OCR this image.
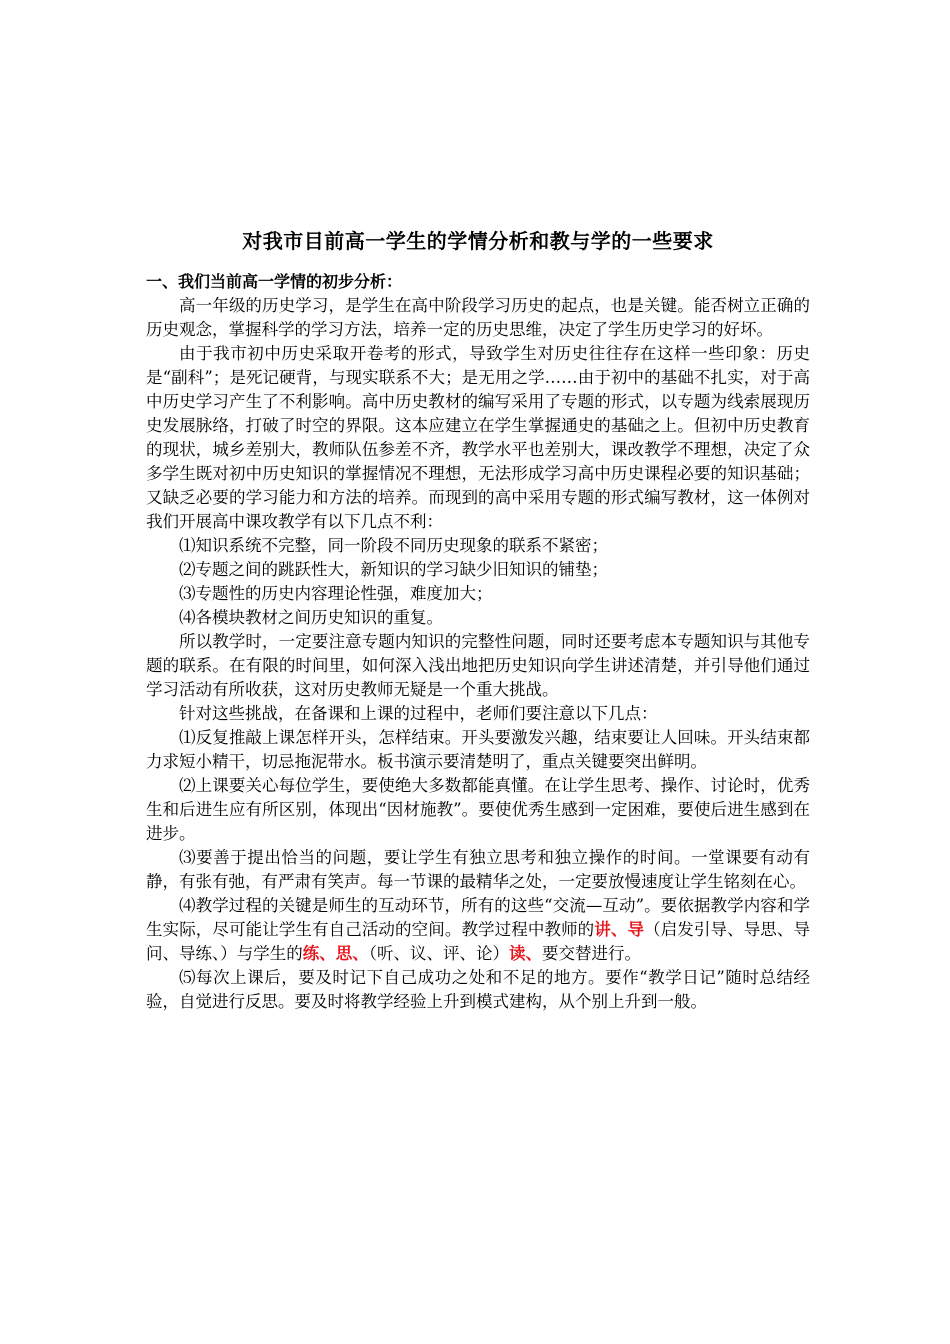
对我市目前高一学生的学情分析和教与学的一些要求

一、我们当前高一学情的初步分析：

高一年级的历史学习，是学生在高中阶段学习历史的起点，也是关键。能否树立正确的历史观念，掌握科学的学习方法，培养一定的历史思维，决定了学生历史学习的好坏。

由于我市初中历史采取开卷考的形式，导致学生对历史往往存在这样一些印象：历史是“副科”；是死记硬背，与现实联系不大；是无用之学……由于初中的基础不扎实，对于高中历史学习产生了不利影响。高中历史教材的编写采用了专题的形式，以专题为线索展现历史发展脉络，打破了时空的界限。这本应建立在学生掌握通史的基础之上。但初中历史教育的现状，城乡差别大，教师队伍参差不齐，教学水平也差别大，课改教学不理想，决定了众多学生既对初中历史知识的掌握情况不理想，无法形成学习高中历史课程必要的知识基础；又缺乏必要的学习能力和方法的培养。而现到的高中采用专题的形式编写教材，这一体例对我们开展高中课攻教学有以下几点不利：

⑴知识系统不完整，同一阶段不同历史现象的联系不紧密；

⑵专题之间的跳跃性大，新知识的学习缺少旧知识的铺垫；

⑶专题性的历史内容理论性强，难度加大；

⑷各模块教材之间历史知识的重复。

所以教学时，一定要注意专题内知识的完整性问题，同时还要考虑本专题知识与其他专题的联系。在有限的时间里，如何深入浅出地把历史知识向学生讲述清楚，并引导他们通过学习活动有所收获，这对历史教师无疑是一个重大挑战。

针对这些挑战，在备课和上课的过程中，老师们要注意以下几点：

⑴反复推敲上课怎样开头，怎样结束。开头要激发兴趣，结束要让人回味。开头结束都力求短小精干，切忌拖泥带水。板书演示要清楚明了，重点关键要突出鲜明。

⑵上课要关心每位学生，要使绝大多数都能真懂。在让学生思考、操作、讨论时，优秀生和后进生应有所区别，体现出“因材施教”。要使优秀生感到一定困难，要使后进生感到在进步。

⑶要善于提出恰当的问题，要让学生有独立思考和独立操作的时间。一堂课要有动有静，有张有弛，有严肃有笑声。每一节课的最精华之处，一定要放慢速度让学生铭刻在心。

⑷教学过程的关键是师生的互动环节，所有的这些“交流—互动”。要依据教学内容和学生实际，尽可能让学生有自己活动的空间。教学过程中教师的讲、导（启发引导、导思、导问、导练、）与学生的练、思、（听、议、评、论）读、要交替进行。

⑸每次上课后，要及时记下自己成功之处和不足的地方。要作“教学日记”随时总结经验，自觉进行反思。要及时将教学经验上升到模式建构，从个别上升到一般。
